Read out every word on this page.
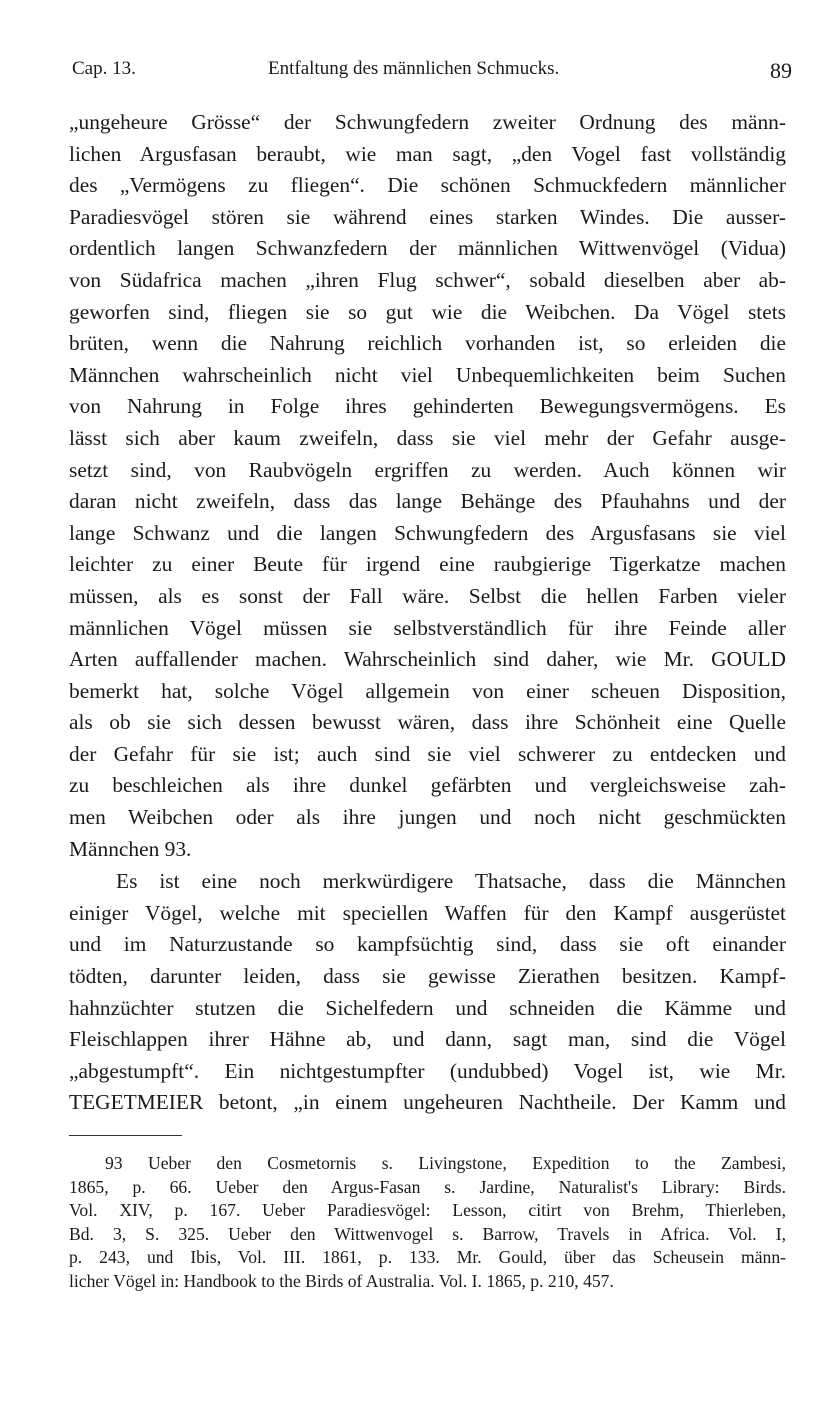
Cap. 13.	Entfaltung des männlichen Schmucks.	89
„ungeheure Grösse“ der Schwungfedern zweiter Ordnung des männ-
lichen Argusfasan beraubt, wie man sagt, „den Vogel fast vollständig
des „Vermögens zu fliegen“. Die schönen Schmuckfedern männlicher
Paradiesvögel stören sie während eines starken Windes. Die ausser-
ordentlich langen Schwanzfedern der männlichen Wittwenvögel (Vidua)
von Südafrica machen „ihren Flug schwer“, sobald dieselben aber ab-
geworfen sind, fliegen sie so gut wie die Weibchen. Da Vögel stets
brüten, wenn die Nahrung reichlich vorhanden ist, so erleiden die
Männchen wahrscheinlich nicht viel Unbequemlichkeiten beim Suchen
von Nahrung in Folge ihres gehinderten Bewegungsvermögens. Es
lässt sich aber kaum zweifeln, dass sie viel mehr der Gefahr ausge-
setzt sind, von Raubvögeln ergriffen zu werden. Auch können wir
daran nicht zweifeln, dass das lange Behänge des Pfauhahns und der
lange Schwanz und die langen Schwungfedern des Argusfasans sie viel
leichter zu einer Beute für irgend eine raubgierige Tigerkatze machen
müssen, als es sonst der Fall wäre. Selbst die hellen Farben vieler
männlichen Vögel müssen sie selbstverständlich für ihre Feinde aller
Arten auffallender machen. Wahrscheinlich sind daher, wie Mr. GOULD
bemerkt hat, solche Vögel allgemein von einer scheuen Disposition,
als ob sie sich dessen bewusst wären, dass ihre Schönheit eine Quelle
der Gefahr für sie ist; auch sind sie viel schwerer zu entdecken und
zu beschleichen als ihre dunkel gefärbten und vergleichsweise zah-
men Weibchen oder als ihre jungen und noch nicht geschmückten
Männchen 93.
Es ist eine noch merkwürdigere Thatsache, dass die Männchen
einiger Vögel, welche mit speciellen Waffen für den Kampf ausgerüstet
und im Naturzustande so kampfsüchtig sind, dass sie oft einander
tödten, darunter leiden, dass sie gewisse Zierathen besitzen. Kampf-
hahnzüchter stutzen die Sichelfedern und schneiden die Kämme und
Fleischlappen ihrer Hähne ab, und dann, sagt man, sind die Vögel
„abgestumpft“. Ein nichtgestumpfter (undubbed) Vogel ist, wie Mr.
TEGETMEIER betont, „in einem ungeheuren Nachtheile. Der Kamm und
93 Ueber den Cosmetornis s. Livingstone, Expedition to the Zambesi,
1865, p. 66. Ueber den Argus-Fasan s. Jardine, Naturalist's Library: Birds.
Vol. XIV, p. 167. Ueber Paradiesvögel: Lesson, citirt von Brehm, Thierleben,
Bd. 3, S. 325. Ueber den Wittwenvogel s. Barrow, Travels in Africa. Vol. I,
p. 243, und Ibis, Vol. III. 1861, p. 133. Mr. Gould, über das Scheusein männ-
licher Vögel in: Handbook to the Birds of Australia. Vol. I. 1865, p. 210, 457.
